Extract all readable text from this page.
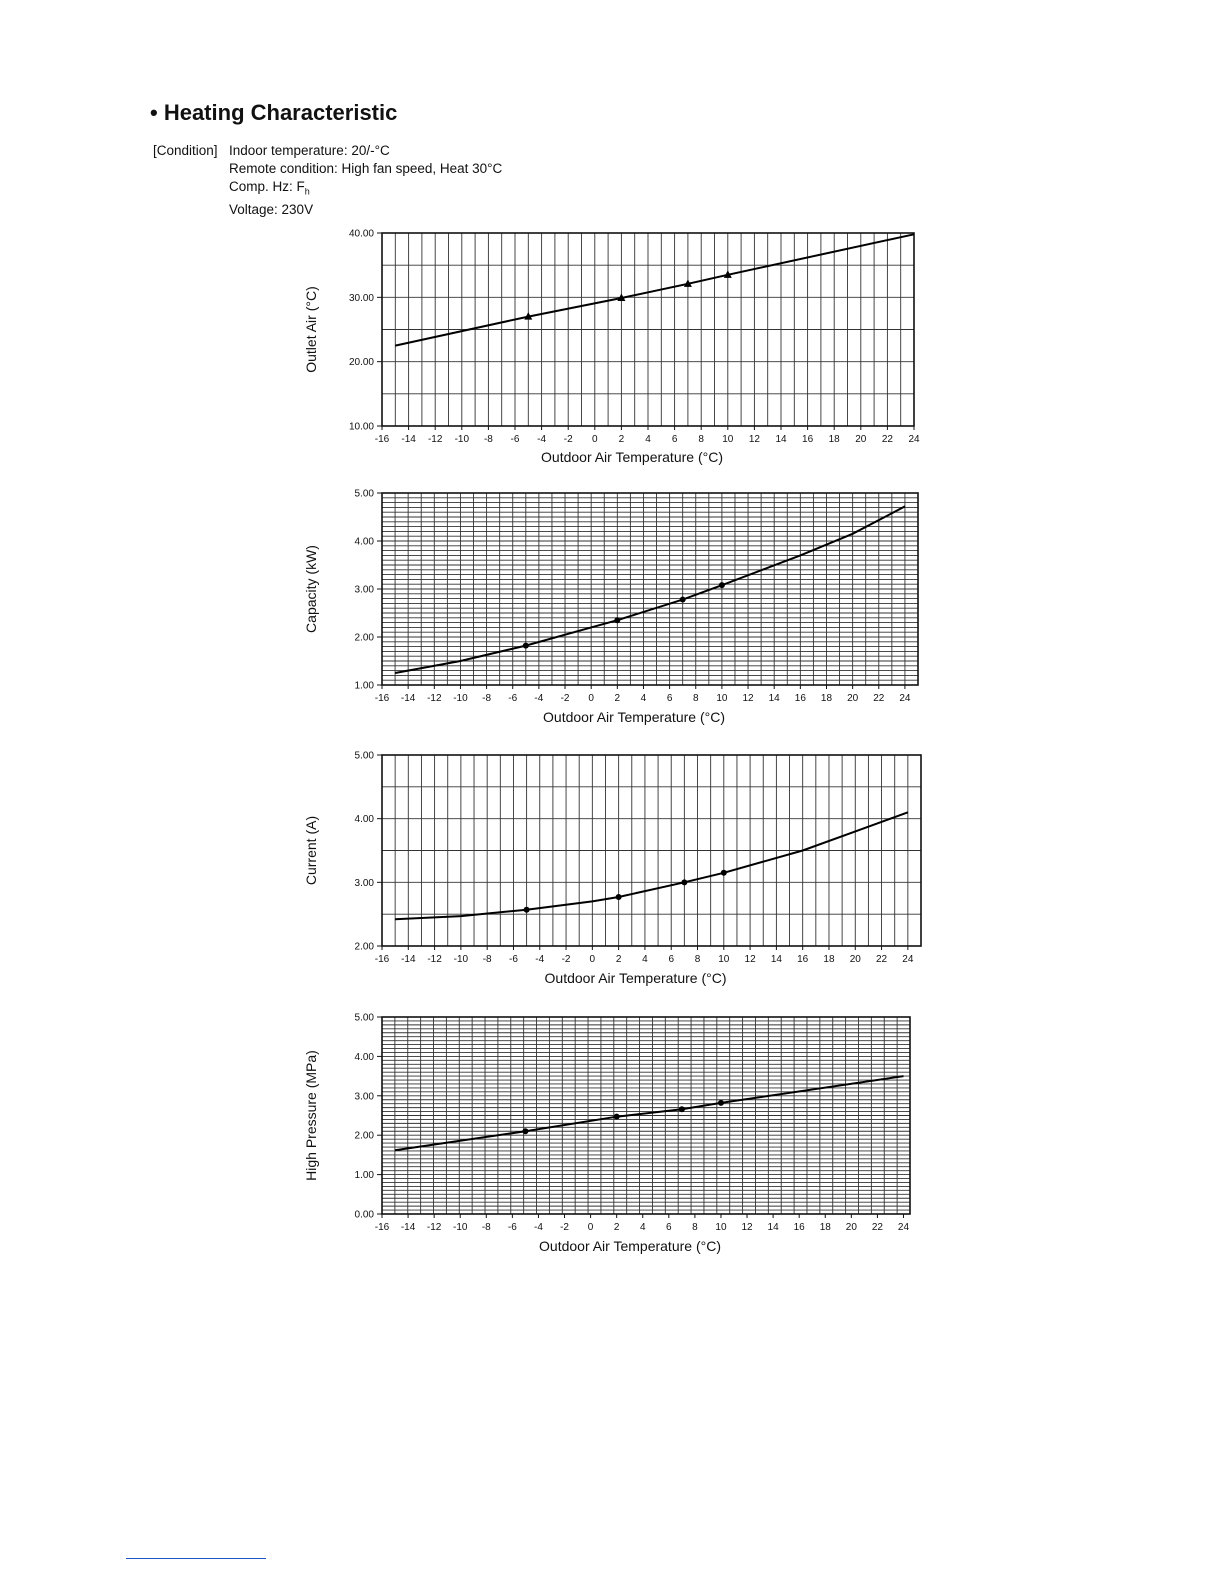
• Heating Characteristic
[Condition] Indoor temperature: 20/-°C
Remote condition: High fan speed, Heat 30°C
Comp. Hz: $F_h$
Voltage: 230V
-16 -14 -12 -10 -8 -6 -4 -2 0 2 4 6 8 10 12 14 16 18 20 22 24
10.00
20.00
30.00
40.00
Outdoor Air Temperature (°C)
Outlet Air (°C)
-16 -14 -12 -10 -8 -6 -4 -2 0 2 4 6 8 10 12 14 16 18 20 22 24
1.00
2.00
3.00
4.00
5.00
Outdoor Air Temperature (°C)
Capacity (kW)
-16 -14 -12 -10 -8 -6 -4 -2 0 2 4 6 8 10 12 14 16 18 20 22 24
2.00
3.00
4.00
5.00
Outdoor Air Temperature (°C)
Current (A)
-16 -14 -12 -10 -8 -6 -4 -2 0 2 4 6 8 10 12 14 16 18 20 22 24
0.00
1.00
2.00
3.00
4.00
5.00
Outdoor Air Temperature (°C)
High Pressure (MPa)
